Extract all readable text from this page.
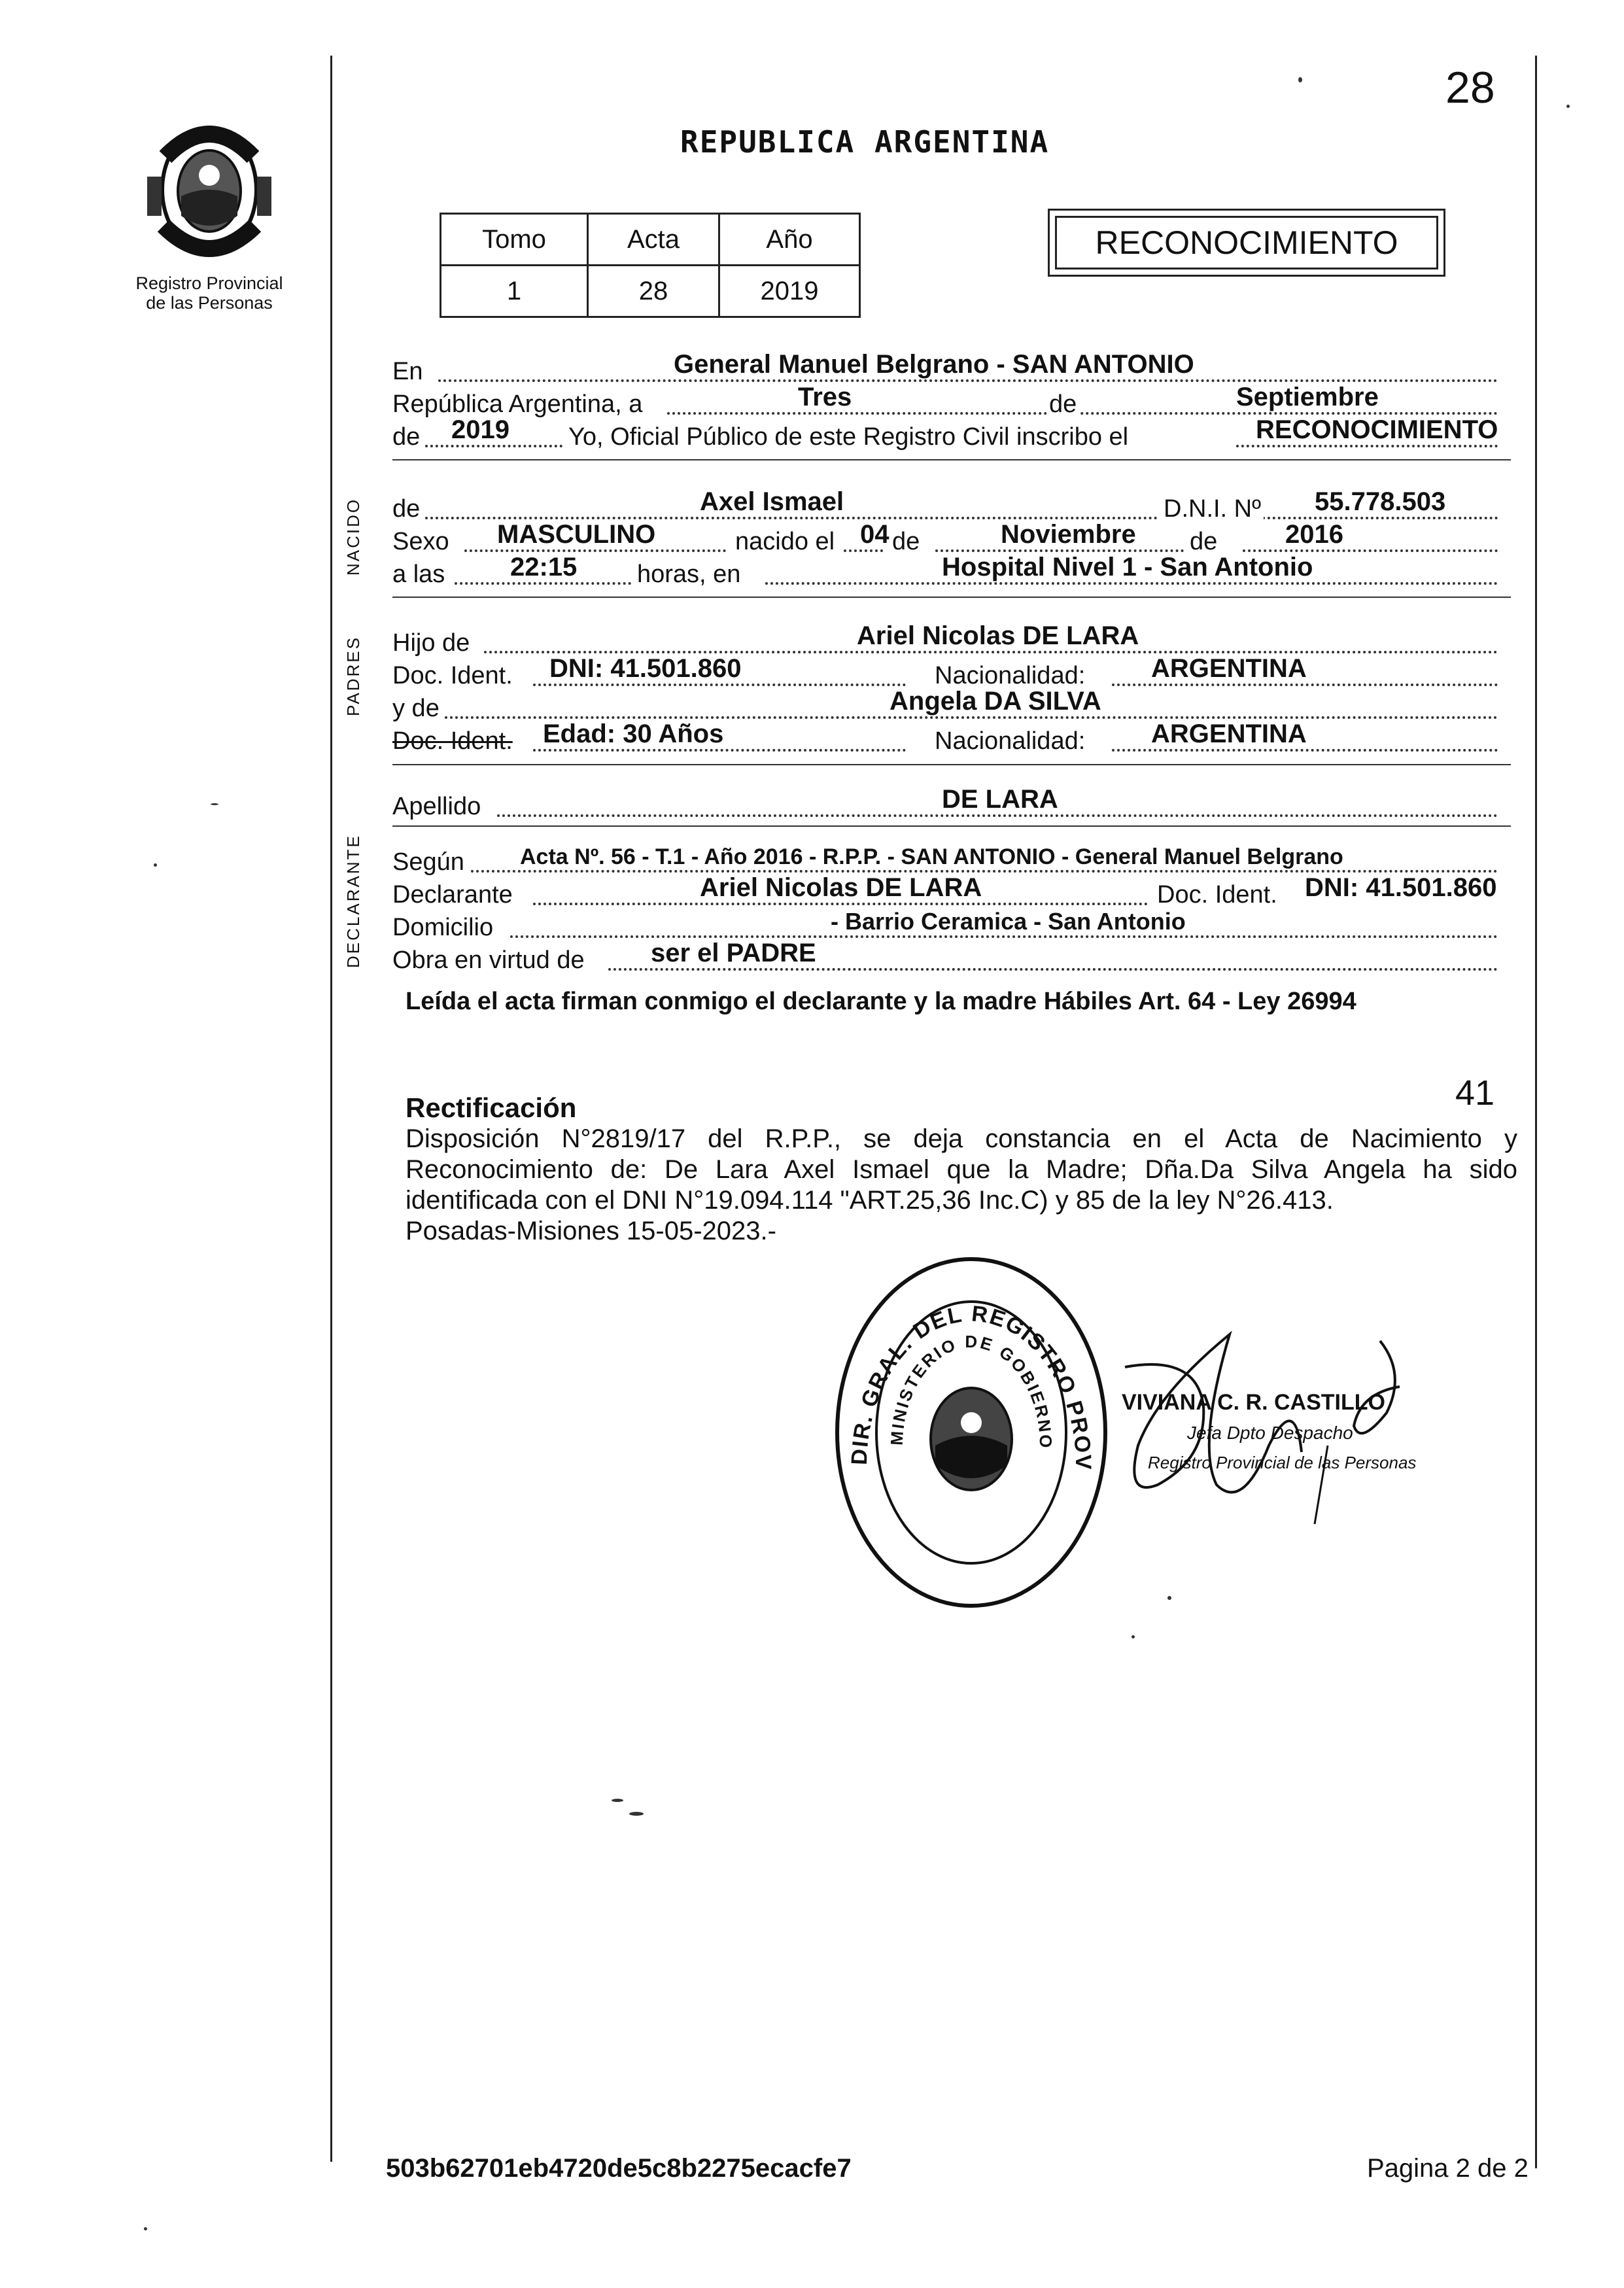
Registro Provincial
de las Personas
REPUBLICA ARGENTINA
28
Tomo	Acta	Año
1	28	2019
RECONOCIMIENTO
NACIDO
PADRES
DECLARANTE
En	General Manuel Belgrano - SAN ANTONIO
República Argentina, a	Tres	de	Septiembre
de 2019 Yo, Oficial Público de este Registro Civil inscribo el	RECONOCIMIENTO
de	Axel Ismael	D.N.I. Nº 55.778.503
Sexo MASCULINO	nacido el 04 de	Noviembre de	2016
a las 22:15 horas, en	Hospital Nivel 1 - San Antonio
Hijo de	Ariel Nicolas DE LARA
Doc. Ident. DNI: 41.501.860	Nacionalidad:	ARGENTINA
y de	Angela DA SILVA
Doc. Ident. Edad: 30 Años	Nacionalidad:	ARGENTINA
Apellido	DE LARA
Según	Acta Nº. 56 - T.1 - Año 2016 - R.P.P. - SAN ANTONIO - General Manuel Belgrano
Declarante	Ariel Nicolas DE LARA	Doc. Ident. DNI: 41.501.860
Domicilio	- Barrio Ceramica - San Antonio
Obra en virtud de	ser el PADRE
Leída el acta firman conmigo el declarante y la madre Hábiles Art. 64 - Ley 26994
41
Rectificación
Disposición N°2819/17 del R.P.P., se deja constancia en el Acta de Nacimiento y
Reconocimiento de: De Lara Axel Ismael que la Madre; Dña.Da Silva Angela ha sido
identificada con el DNI N°19.094.114 "ART.25,36 Inc.C) y 85 de la ley N°26.413.
Posadas-Misiones 15-05-2023.-
DIR. GRAL. DEL REGISTRO PROV
MINISTERIO DE GOBIERNO
VIVIANA C. R. CASTILLO
Jefa Dpto Despacho
Registro Provincial de las Personas
503b62701eb4720de5c8b2275ecacfe7	Pagina 2 de 2
